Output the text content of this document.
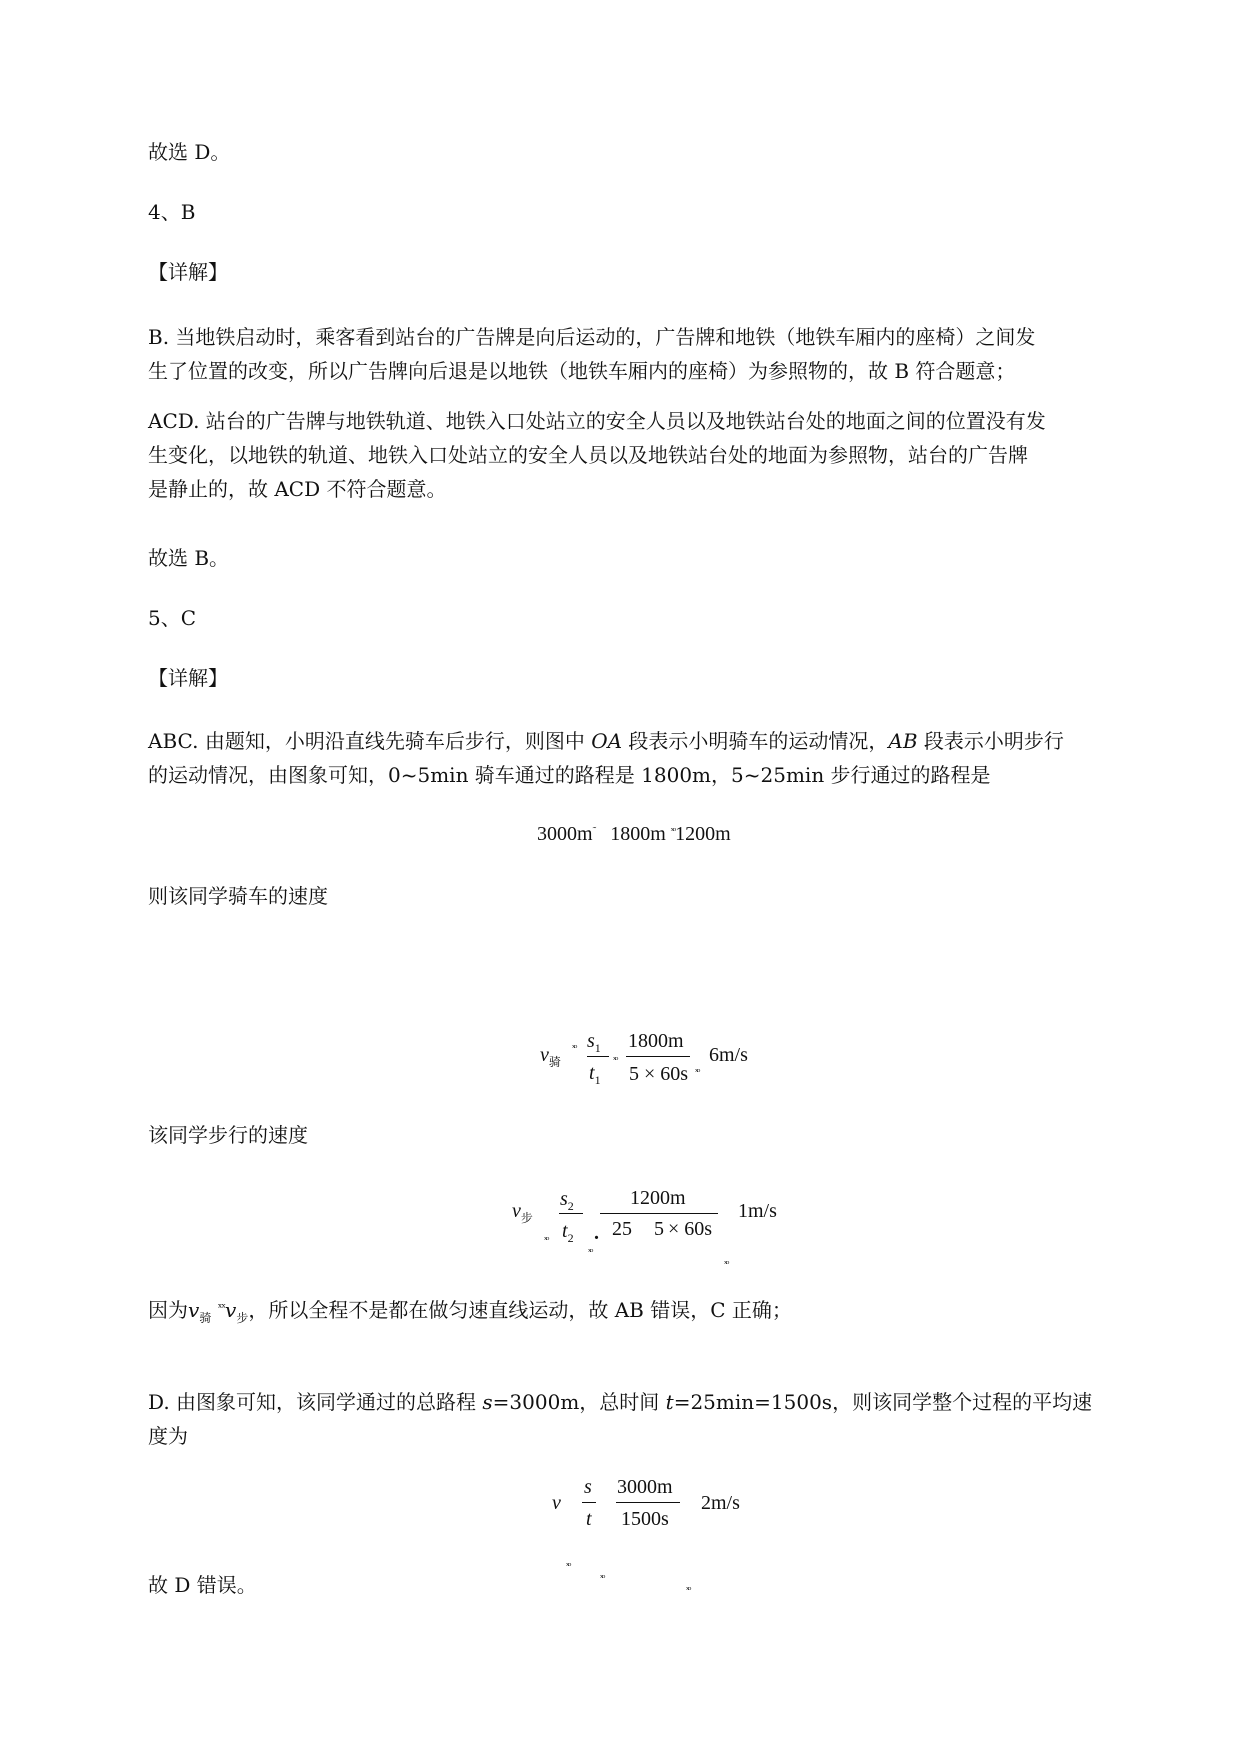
故选 D。
4、B
【详解】
B. 当地铁启动时，乘客看到站台的广告牌是向后运动的，广告牌和地铁（地铁车厢内的座椅）之间发
生了位置的改变，所以广告牌向后退是以地铁（地铁车厢内的座椅）为参照物的，故 B 符合题意；
ACD. 站台的广告牌与地铁轨道、地铁入口处站立的安全人员以及地铁站台处的地面之间的位置没有发
生变化，以地铁的轨道、地铁入口处站立的安全人员以及地铁站台处的地面为参照物，站台的广告牌
是静止的，故 ACD 不符合题意。
故选 B。
5、C
【详解】
ABC. 由题知，小明沿直线先骑车后步行，则图中 OA 段表示小明骑车的运动情况，AB 段表示小明步行
的运动情况，由图象可知，0~5min 骑车通过的路程是 1800m，5~25min 步行通过的路程是
3000m˜ 1800m $^{ˣᵒ}$1200m
则该同学骑车的速度
$v_骑$
ˣᵒ $s_1$
$t_1$
ˣᵒ
1800m
5 × 60s ˣᵒ
6m/s
该同学步行的速度
$v_步$
ˣᵒ
$s_2$
$t_2$
ˣᵒ
1200m
. 25 5 × 60s
ˣᵒ
1m/s
因为$v_骑$ $^{ˣˣ}v_步$，所以全程不是都在做匀速直线运动，故 AB 错误，C 正确；
D. 由图象可知，该同学通过的总路程 s=3000m，总时间 t=25min=1500s，则该同学整个过程的平均速
度为
v
ˣᵒ
s
t
ˣᵒ
3000m
1500s
ˣᵒ
2m/s
故 D 错误。
